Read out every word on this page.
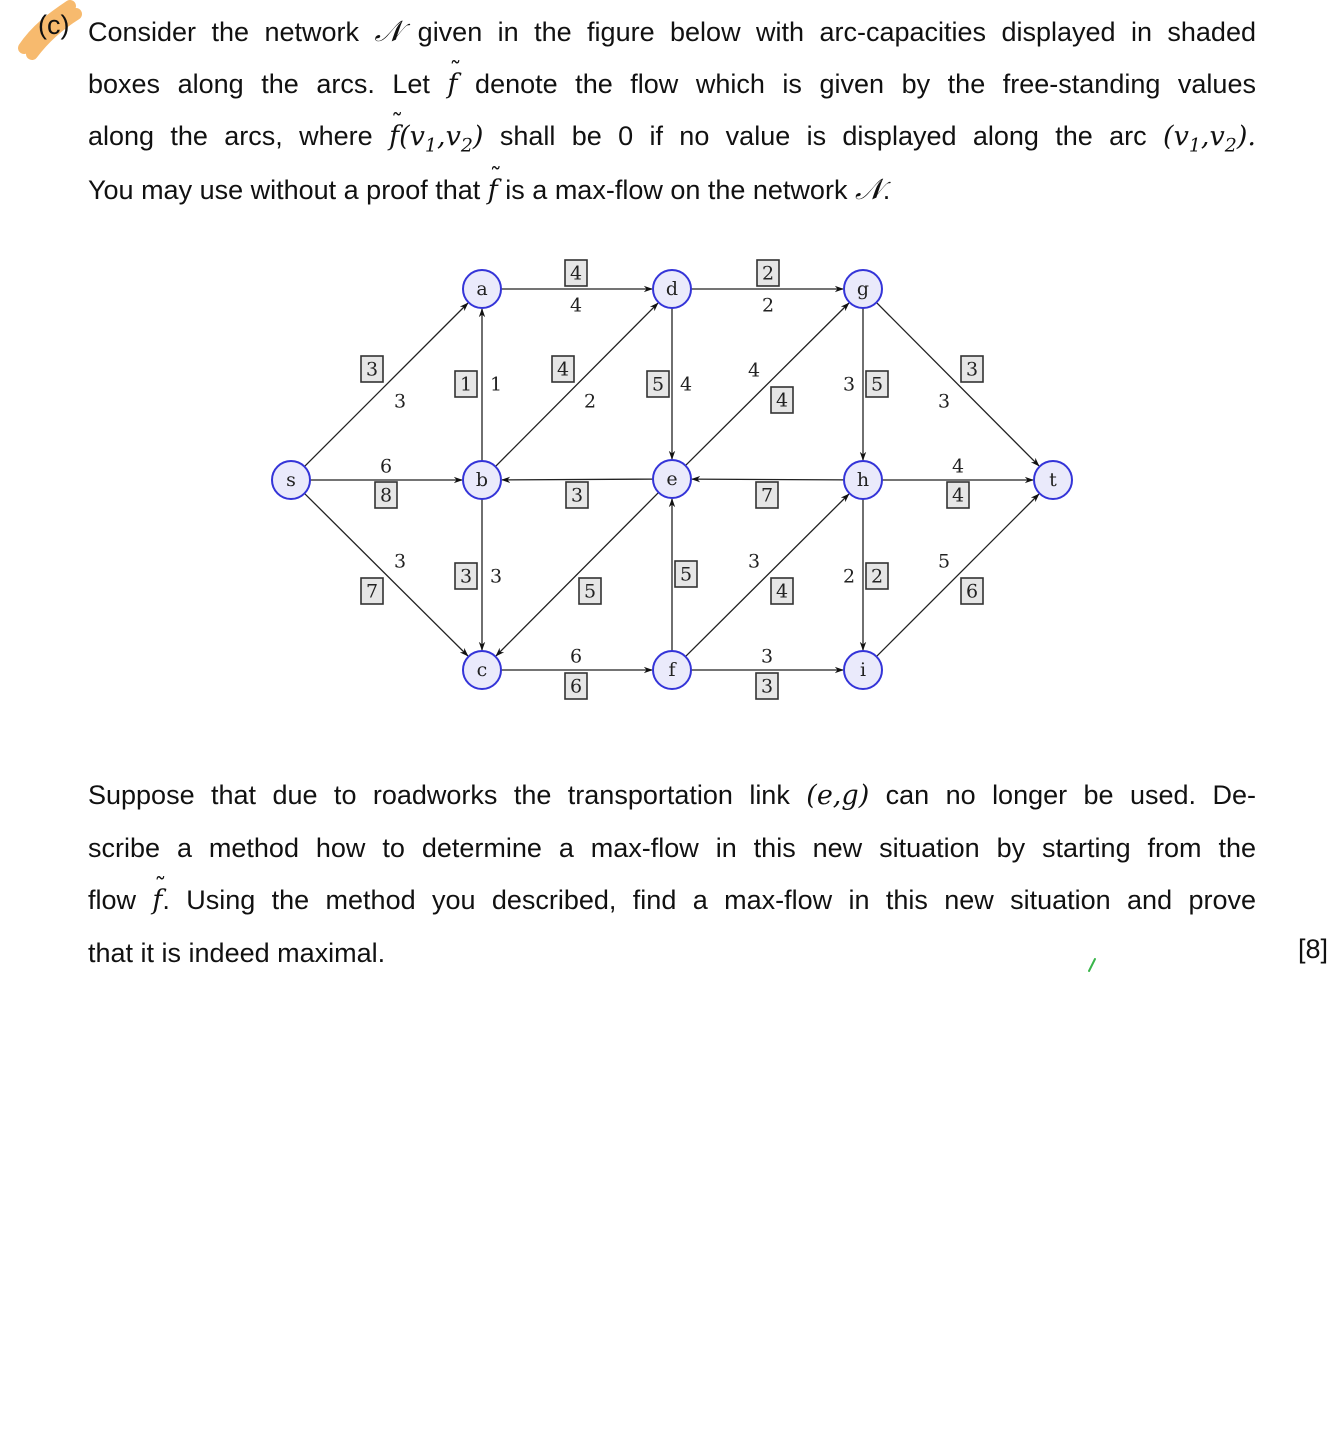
(c) Consider the network 𝒩 given in the figure below with arc-capacities displayed in shaded
boxes along the arcs. Let ˜ f denote the flow which is given by the free-standing values
along the arcs, where ˜ $f(v_1,v_2)$ shall be 0 if no value is displayed along the arc $(v_1,v_2)$.
You may use without a proof that ˜ f is a max-flow on the network 𝒩.
3
3
8
6
7
3
4
4
1 1
4
2
3 3
3
5
2
2
5 4
4
4
7
5
6
6
4
3
3
3
5
3
3
3
4
4
2
2
6
5
s
a
b
c
d
e
f
g
h
i
t
Suppose that due to roadworks the transportation link (e,g) can no longer be used. De-
scribe a method how to determine a max-flow in this new situation by starting from the
flow ˜ f. Using the method you described, find a max-flow in this new situation and prove
that it is indeed maximal.	[8]
